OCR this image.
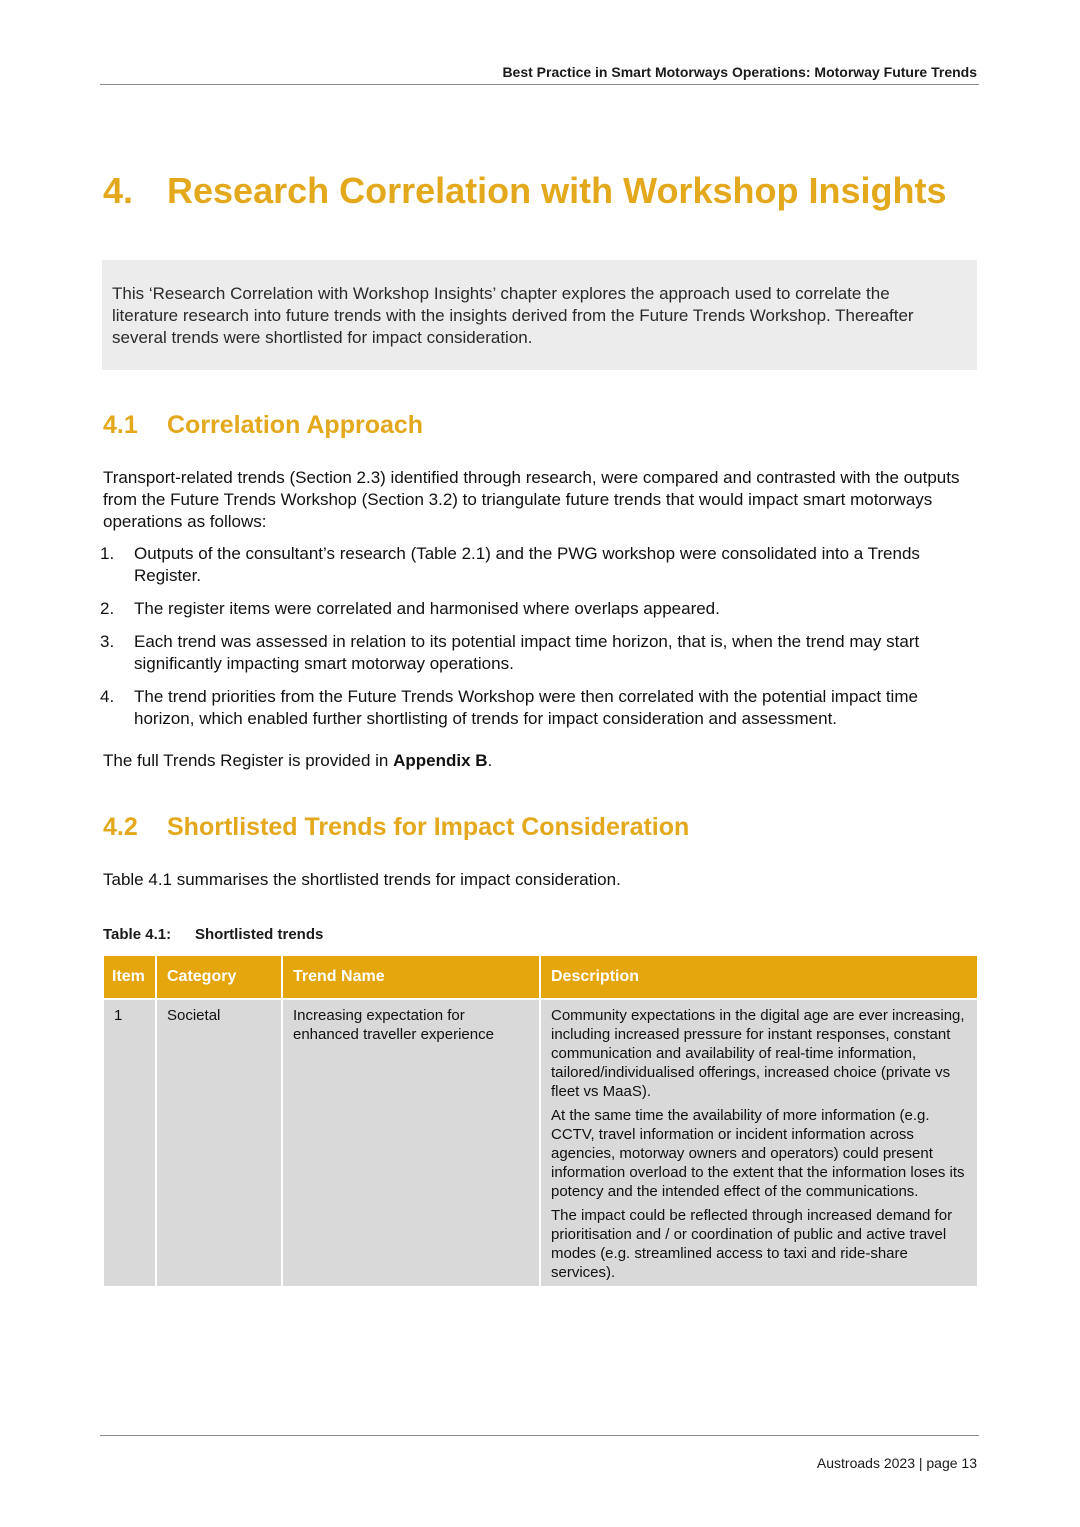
Best Practice in Smart Motorways Operations: Motorway Future Trends
4. Research Correlation with Workshop Insights
This ‘Research Correlation with Workshop Insights’ chapter explores the approach used to correlate the literature research into future trends with the insights derived from the Future Trends Workshop. Thereafter several trends were shortlisted for impact consideration.
4.1 Correlation Approach
Transport-related trends (Section 2.3) identified through research, were compared and contrasted with the outputs from the Future Trends Workshop (Section 3.2) to triangulate future trends that would impact smart motorways operations as follows:
1. Outputs of the consultant’s research (Table 2.1) and the PWG workshop were consolidated into a Trends Register.
2. The register items were correlated and harmonised where overlaps appeared.
3. Each trend was assessed in relation to its potential impact time horizon, that is, when the trend may start significantly impacting smart motorway operations.
4. The trend priorities from the Future Trends Workshop were then correlated with the potential impact time horizon, which enabled further shortlisting of trends for impact consideration and assessment.
The full Trends Register is provided in Appendix B.
4.2 Shortlisted Trends for Impact Consideration
Table 4.1 summarises the shortlisted trends for impact consideration.
Table 4.1: Shortlisted trends
Item	Category	Trend Name	Description
1	Societal	Increasing expectation for enhanced traveller experience	Community expectations in the digital age are ever increasing, including increased pressure for instant responses, constant communication and availability of real-time information, tailored/individualised offerings, increased choice (private vs fleet vs MaaS).

At the same time the availability of more information (e.g. CCTV, travel information or incident information across agencies, motorway owners and operators) could present information overload to the extent that the information loses its potency and the intended effect of the communications.

The impact could be reflected through increased demand for prioritisation and / or coordination of public and active travel modes (e.g. streamlined access to taxi and ride-share services).

Austroads 2023 | page 13
